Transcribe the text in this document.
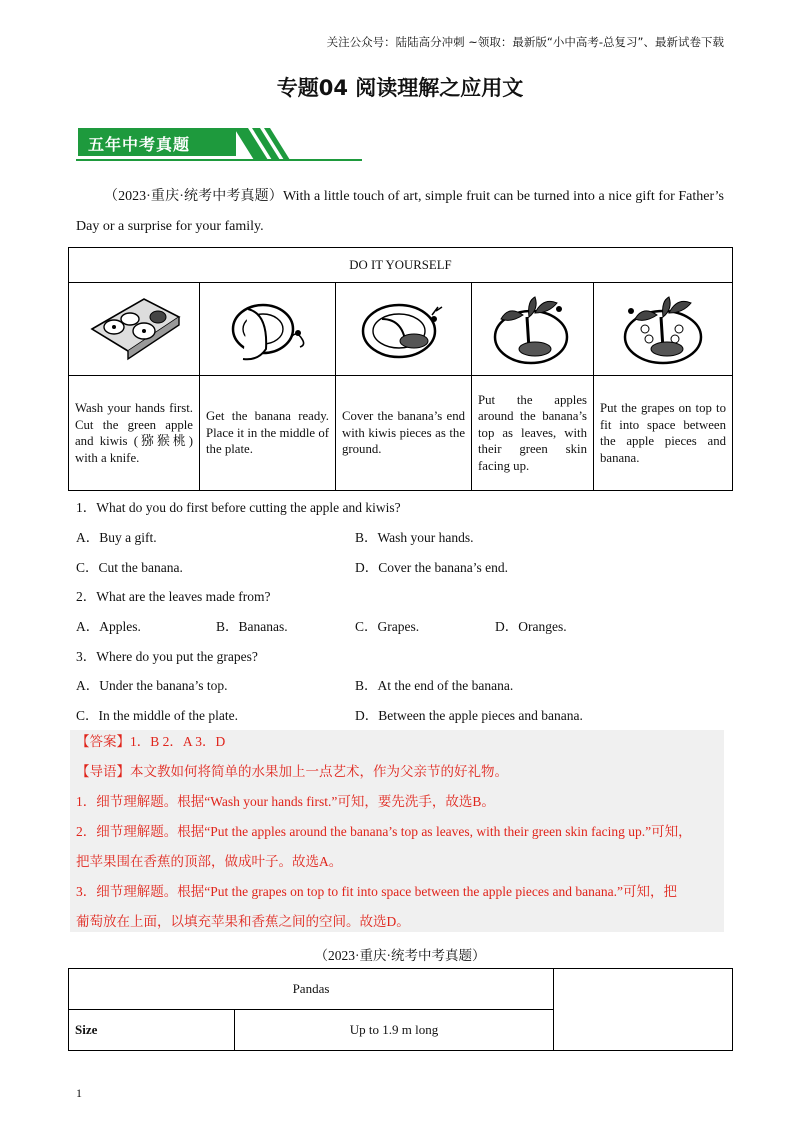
关注公众号：陆陆高分冲刺 ~领取：最新版“小中高考-总复习”、最新试卷下载
专题04 阅读理解之应用文
五年中考真题
（2023·重庆·统考中考真题）With a little touch of art, simple fruit can be turned into a nice gift for Father’s Day or a surprise for your family.
DO IT YOURSELF				

Wash your hands first. Cut the green apple and kiwis (猕猴桃) with a knife.	Get the banana ready. Place it in the middle of the plate.	Cover the banana’s end with kiwis pieces as the ground.	Put the apples around the banana’s top as leaves, with their green skin facing up.	Put the grapes on top to fit into space between the apple pieces and banana.
1．What do you do first before cutting the apple and kiwis?
A．Buy a gift.	B．Wash your hands.
C．Cut the banana.	D．Cover the banana’s end.
2．What are the leaves made from?
A．Apples.	B．Bananas.	C．Grapes.	D．Oranges.
3．Where do you put the grapes?
A．Under the banana’s top.	B．At the end of the banana.
C．In the middle of the plate.	D．Between the apple pieces and banana.
【答案】1．B 2．A 3．D
【导语】本文教如何将简单的水果加上一点艺术，作为父亲节的好礼物。
1．细节理解题。根据“Wash your hands first.”可知，要先洗手，故选B。
2．细节理解题。根据“Put the apples around the banana’s top as leaves, with their green skin facing up.”可知，
把苹果围在香蕉的顶部，做成叶子。故选A。
3．细节理解题。根据“Put the grapes on top to fit into space between the apple pieces and banana.”可知，把
葡萄放在上面，以填充苹果和香蕉之间的空间。故选D。
（2023·重庆·统考中考真题）
Pandas		
Size	Up to 1.9 m long	
1
